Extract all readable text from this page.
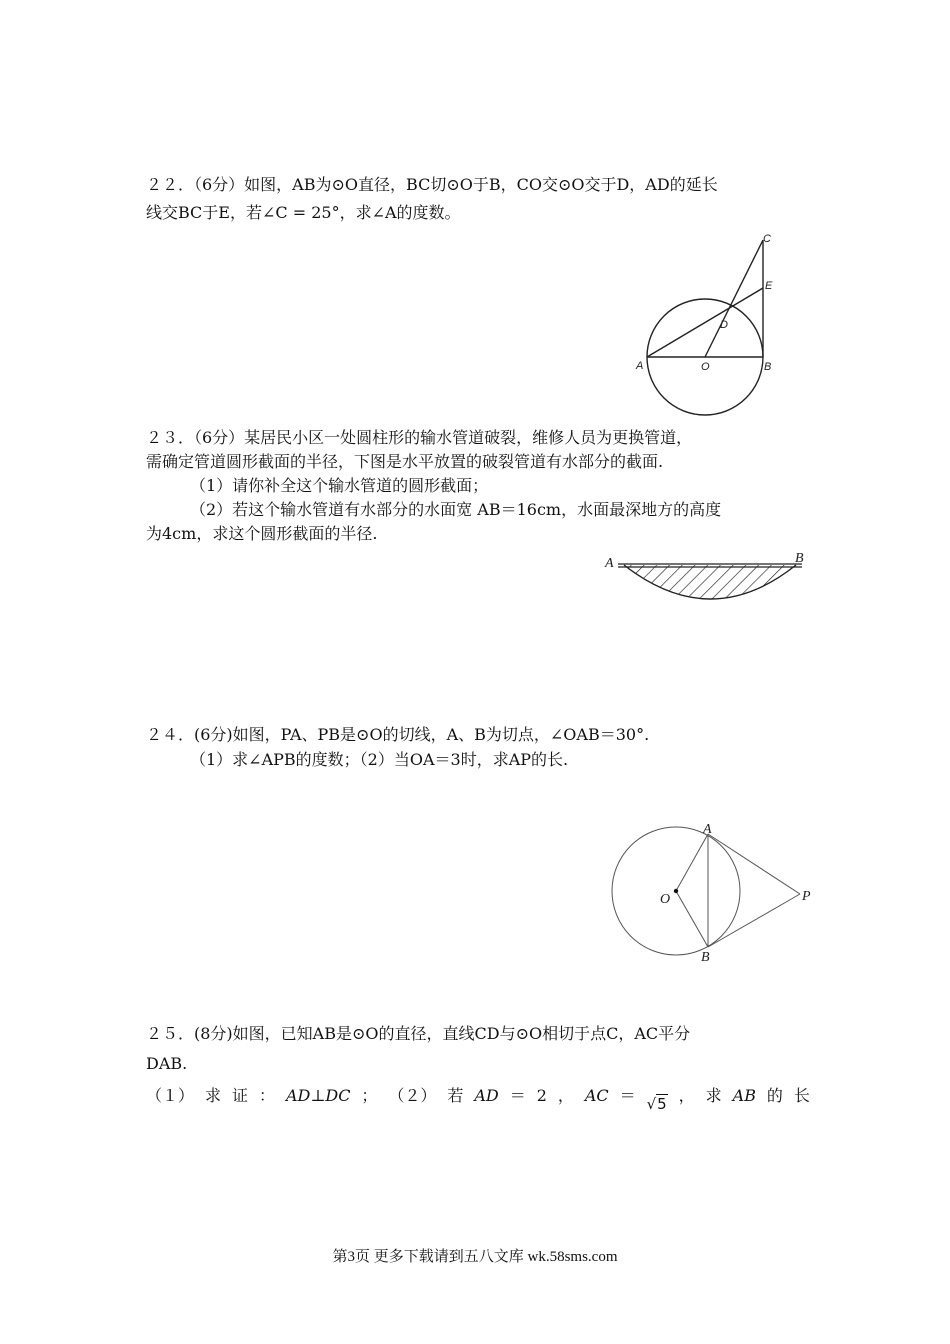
２２．（6分）如图，AB为⊙O直径，BC切⊙O于B，CO交⊙O交于D，AD的延长
线交BC于E，若∠C = 25°，求∠A的度数。
A	O	B
C
D
E
２３．（6分）某居民小区一处圆柱形的输水管道破裂，维修人员为更换管道，
需确定管道圆形截面的半径，下图是水平放置的破裂管道有水部分的截面.
（1）请你补全这个输水管道的圆形截面；
（2）若这个输水管道有水部分的水面宽 AB＝16cm，水面最深地方的高度
为4cm，求这个圆形截面的半径.
A	B
２４．(6分)如图，PA、PB是⊙O的切线，A、B为切点，∠OAB＝30°.
（1）求∠APB的度数；（2）当OA＝3时，求AP的长.
A
O
B
P
２５．(8分)如图，已知AB是⊙O的直径，直线CD与⊙O相切于点C，AC平分
DAB.
（１） 求 证 ： AD⊥DC ； （２） 若 AD ＝ 2 ， AC ＝ √5 ， 求 AB 的 长
第3页 更多下载请到五八文库 wk.58sms.com
